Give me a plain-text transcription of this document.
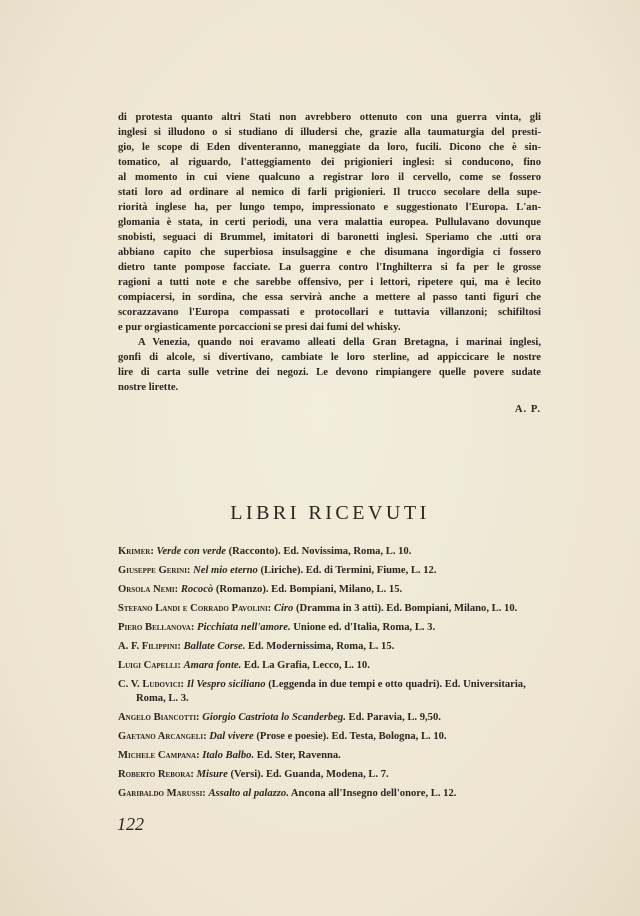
di protesta quanto altri Stati non avrebbero ottenuto con una guerra vinta, gli
inglesi si illudono o si studiano di illudersi che, grazie alla taumaturgia del presti-
gio, le scope di Eden diventeranno, maneggiate da loro, fucili. Dicono che è sin-
tomatico, al riguardo, l'atteggiamento dei prigionieri inglesi: si conducono, fino
al momento in cui viene qualcuno a registrar loro il cervello, come se fossero
stati loro ad ordinare al nemico di farli prigionieri. Il trucco secolare della supe-
riorità inglese ha, per lungo tempo, impressionato e suggestionato l'Europa. L'an-
glomania è stata, in certi periodi, una vera malattia europea. Pullulavano dovunque
snobisti, seguaci di Brummel, imitatori di baronetti inglesi. Speriamo che .utti ora
abbiano capito che superbiosa insulsaggine e che disumana ingordigia ci fossero
dietro tante pompose facciate. La guerra contro l'Inghilterra si fa per le grosse
ragioni a tutti note e che sarebbe offensivo, per i lettori, ripetere qui, ma è lecito
compiacersi, in sordina, che essa servirà anche a mettere al passo tanti figuri che
scorazzavano l'Europa compassati e protocollari e tuttavia villanzoni; schifiltosi
e pur orgiasticamente porcaccioni se presi dai fumi del whisky.
A Venezia, quando noi eravamo alleati della Gran Bretagna, i marinai inglesi,
gonfi di alcole, si divertivano, cambiate le loro sterline, ad appiccicare le nostre
lire di carta sulle vetrine dei negozi. Le devono rimpiangere quelle povere sudate
nostre lirette.
A. P.
LIBRI RICEVUTI
Krimer: Verde con verde (Racconto). Ed. Novissima, Roma, L. 10.
Giuseppe Gerini: Nel mio eterno (Liriche). Ed. di Termini, Fiume, L. 12.
Orsola Nemi: Rococò (Romanzo). Ed. Bompiani, Milano, L. 15.
Stefano Landi e Corrado Pavolini: Ciro (Dramma in 3 atti). Ed. Bompiani, Milano, L. 10.
Piero Bellanova: Picchiata nell'amore. Unione ed. d'Italia, Roma, L. 3.
A. F. Filippini: Ballate Corse. Ed. Modernissima, Roma, L. 15.
Luigi Capelli: Amara fonte. Ed. La Grafia, Lecco, L. 10.
C. V. Ludovici: Il Vespro siciliano (Leggenda in due tempi e otto quadri). Ed. Universitaria, Roma, L. 3.
Angelo Biancotti: Giorgio Castriota lo Scanderbeg. Ed. Paravia, L. 9,50.
Gaetano Arcangeli: Dal vivere (Prose e poesie). Ed. Testa, Bologna, L. 10.
Michele Campana: Italo Balbo. Ed. Ster, Ravenna.
Roberto Rebora: Misure (Versi). Ed. Guanda, Modena, L. 7.
Garibaldo Marussi: Assalto al palazzo. Ancona all'Insegno dell'onore, L. 12.
122
